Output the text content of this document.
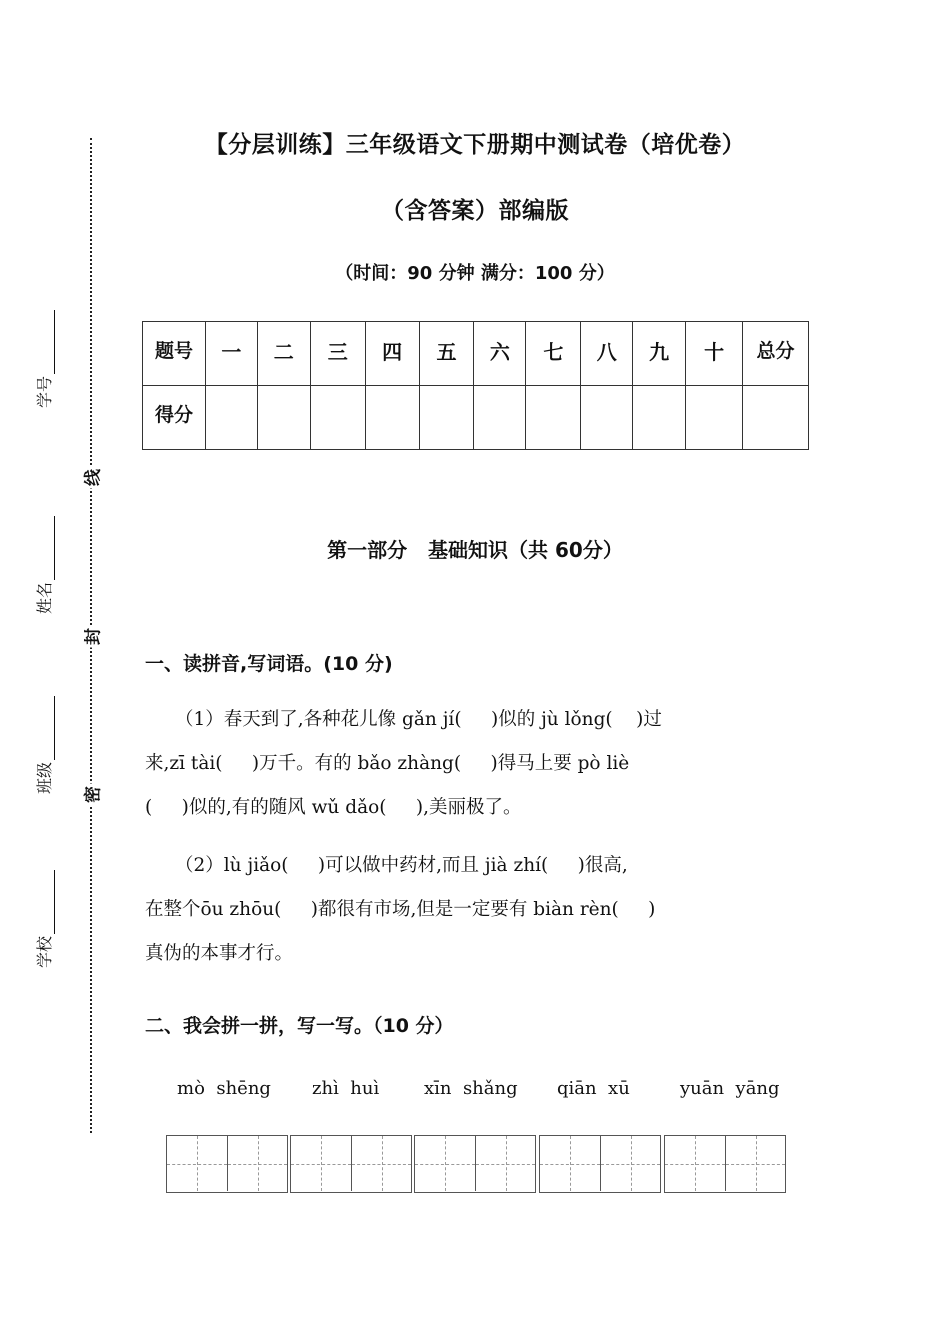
线
封
密
学号
姓名
班级
学校
【分层训练】三年级语文下册期中测试卷（培优卷）
（含答案）部编版
（时间：90 分钟 满分：100 分）
题号	一	二	三	四	五	六	七	八	九	十	总分
得分											
第一部分   基础知识（共 60分）
一、读拼音,写词语。(10 分)
（1）春天到了,各种花儿像 gǎn jí(     )似的 jù lǒng(    )过
来,zī tài(     )万千。有的 bǎo zhàng(     )得马上要 pò liè
(     )似的,有的随风 wǔ dǎo(     ),美丽极了。
（2）lù jiǎo(     )可以做中药材,而且 jià zhí(     )很高,
在整个ōu zhōu(     )都很有市场,但是一定要有 biàn rèn(     )
真伪的本事才行。
二、我会拼一拼，写一写。（10 分）
mò  shēng zhì  huì xīn  shǎng qiān  xū	yuān  yāng
